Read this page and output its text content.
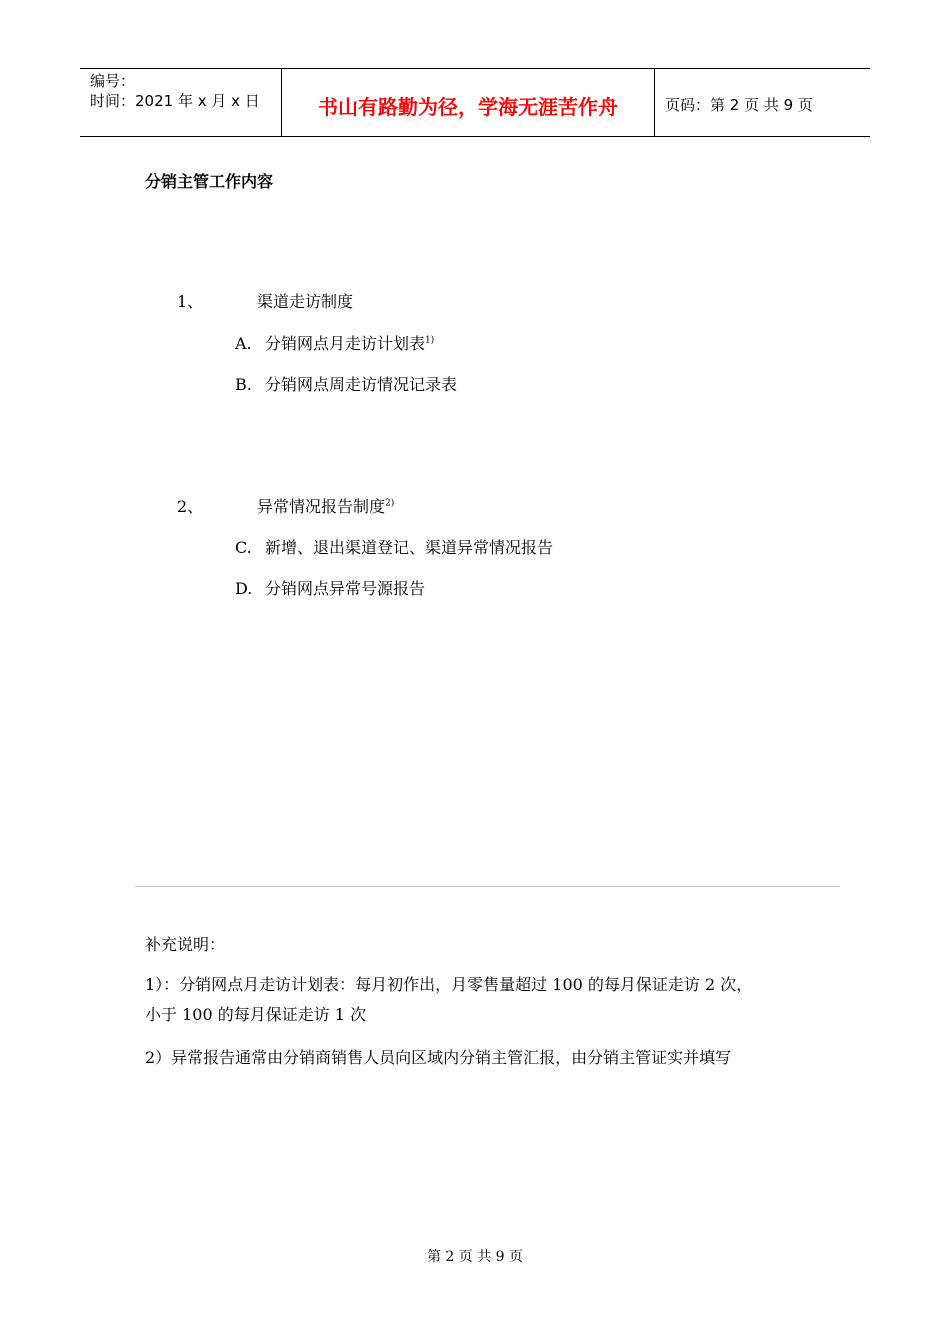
编号：
时间：2021 年 x 月 x 日	书山有路勤为径，学海无涯苦作舟	页码：第 2 页 共 9 页
分销主管工作内容
1、	渠道走访制度
A. 分销网点月走访计划表$^{1)}$
B. 分销网点周走访情况记录表
2、	异常情况报告制度$^{2)}$
C. 新增、退出渠道登记、渠道异常情况报告
D. 分销网点异常号源报告
补充说明：
1）：分销网点月走访计划表：每月初作出，月零售量超过 100 的每月保证走访 2 次，
小于 100 的每月保证走访 1 次
2）异常报告通常由分销商销售人员向区域内分销主管汇报，由分销主管证实并填写
第 2 页 共 9 页
